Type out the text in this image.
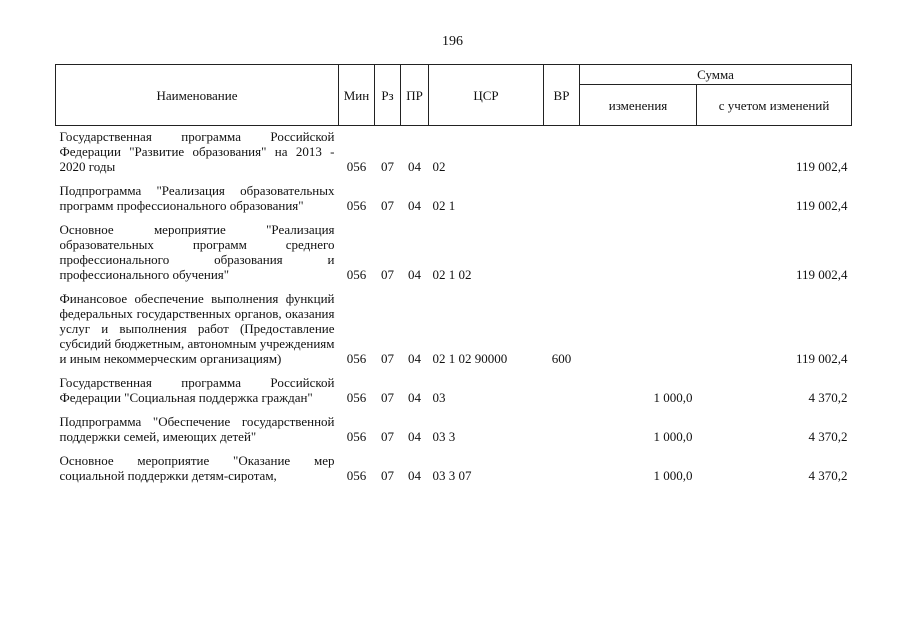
196
Наименование	Мин	Рз	ПР	ЦСР	ВР	Сумма	
						изменения	с учетом изменений
Государственная программа Российской Федерации "Развитие образования" на 2013 - 2020 годы	056	07	04	02			119 002,4
Подпрограмма "Реализация образовательных программ профессионального образования"	056	07	04	02 1			119 002,4
Основное мероприятие "Реализация образовательных программ среднего профессионального образования и профессионального обучения"	056	07	04	02 1 02			119 002,4
Финансовое обеспечение выполнения функций федеральных государственных органов, оказания услуг и выполнения работ (Предоставление субсидий бюджетным, автономным учреждениям и иным некоммерческим организациям)	056	07	04	02 1 02 90000	600		119 002,4
Государственная программа Российской Федерации "Социальная поддержка граждан"	056	07	04	03		1 000,0	4 370,2
Подпрограмма "Обеспечение государственной поддержки семей, имеющих детей"	056	07	04	03 3		1 000,0	4 370,2
Основное мероприятие "Оказание мер социальной поддержки детям-сиротам,	056	07	04	03 3 07		1 000,0	4 370,2
